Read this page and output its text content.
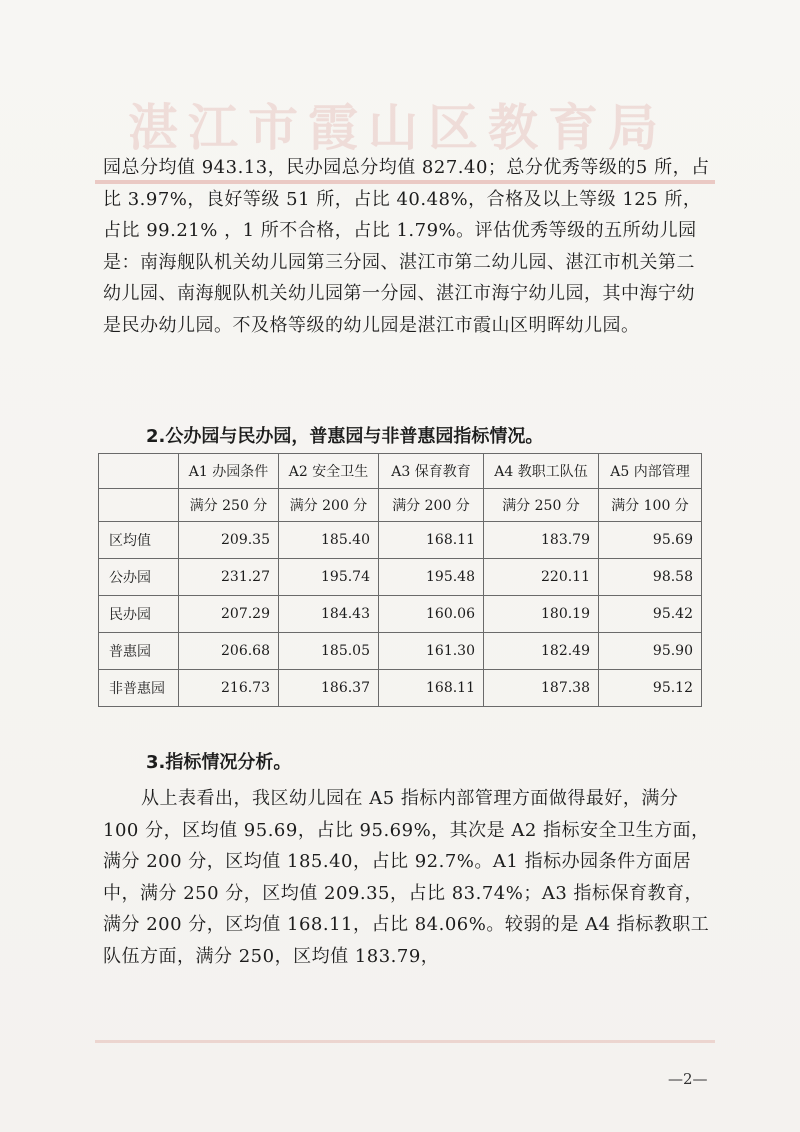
湛江市霞山区教育局
园总分均值 943.13，民办园总分均值 827.40；总分优秀等级的5 所，占比 3.97%，良好等级 51 所，占比 40.48%，合格及以上等级 125 所，占比 99.21% ，1 所不合格，占比 1.79%。评估优秀等级的五所幼儿园是：南海舰队机关幼儿园第三分园、湛江市第二幼儿园、湛江市机关第二幼儿园、南海舰队机关幼儿园第一分园、湛江市海宁幼儿园，其中海宁幼是民办幼儿园。不及格等级的幼儿园是湛江市霞山区明晖幼儿园。
2.公办园与民办园，普惠园与非普惠园指标情况。
	A1 办园条件	A2 安全卫生	A3 保育教育	A4 教职工队伍	A5 内部管理
	满分 250 分	满分 200 分	满分 200 分	满分 250 分	满分 100 分
区均值	209.35	185.40	168.11	183.79	95.69
公办园	231.27	195.74	195.48	220.11	98.58
民办园	207.29	184.43	160.06	180.19	95.42
普惠园	206.68	185.05	161.30	182.49	95.90
非普惠园	216.73	186.37	168.11	187.38	95.12
3.指标情况分析。
从上表看出，我区幼儿园在 A5 指标内部管理方面做得最好，满分 100 分，区均值 95.69，占比 95.69%，其次是 A2 指标安全卫生方面，满分 200 分，区均值 185.40，占比 92.7%。A1 指标办园条件方面居中，满分 250 分，区均值 209.35，占比 83.74%；A3 指标保育教育，满分 200 分，区均值 168.11，占比 84.06%。较弱的是 A4 指标教职工队伍方面，满分 250，区均值 183.79，
—2—
